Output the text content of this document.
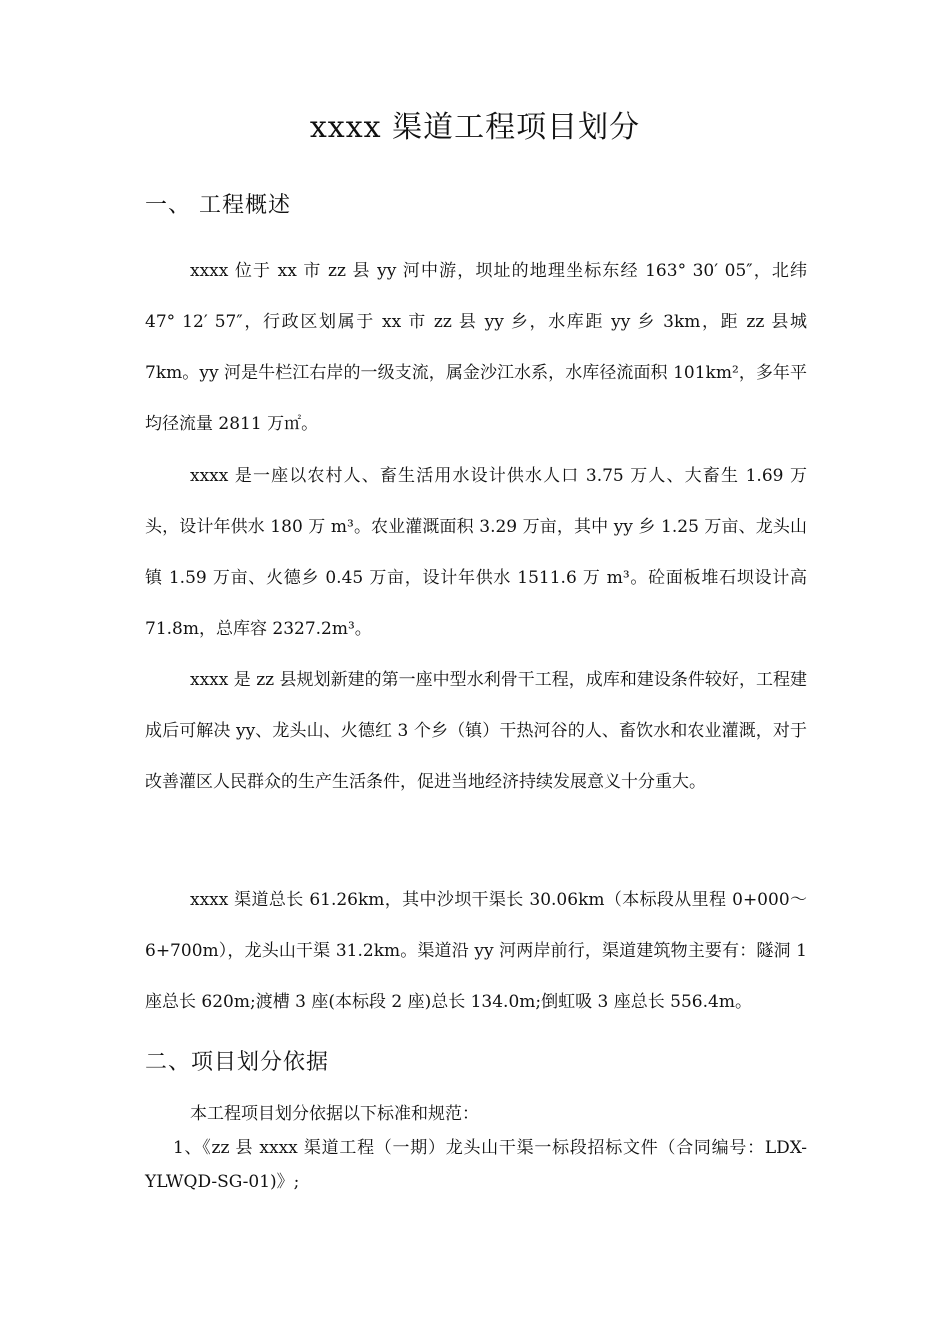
xxxx 渠道工程项目划分
一、 工程概述

xxxx 位于 xx 市 zz 县 yy 河中游，坝址的地理坐标东经 163° 30′ 05″，北纬 47° 12′ 57″，行政区划属于 xx 市 zz 县 yy 乡，水库距 yy 乡 3km，距 zz 县城 7km。yy 河是牛栏江右岸的一级支流，属金沙江水系，水库径流面积 101km²，多年平均径流量 2811 万㎡。

xxxx 是一座以农村人、畜生活用水设计供水人口 3.75 万人、大畜生 1.69 万头，设计年供水 180 万 m³。农业灌溉面积 3.29 万亩，其中 yy 乡 1.25 万亩、龙头山镇 1.59 万亩、火德乡 0.45 万亩，设计年供水 1511.6 万 m³。砼面板堆石坝设计高 71.8m，总库容 2327.2m³。

xxxx 是 zz 县规划新建的第一座中型水利骨干工程，成库和建设条件较好，工程建成后可解决 yy、龙头山、火德红 3 个乡（镇）干热河谷的人、畜饮水和农业灌溉，对于改善灌区人民群众的生产生活条件，促进当地经济持续发展意义十分重大。

xxxx 渠道总长 61.26km，其中沙坝干渠长 30.06km（本标段从里程 0+000～6+700m），龙头山干渠 31.2km。渠道沿 yy 河两岸前行，渠道建筑物主要有：隧洞 1 座总长 620m;渡槽 3 座(本标段 2 座)总长 134.0m;倒虹吸 3 座总长 556.4m。

二、项目划分依据

本工程项目划分依据以下标准和规范：

1、《zz 县 xxxx 渠道工程（一期）龙头山干渠一标段招标文件（合同编号：LDX-YLWQD-SG-01)》;
